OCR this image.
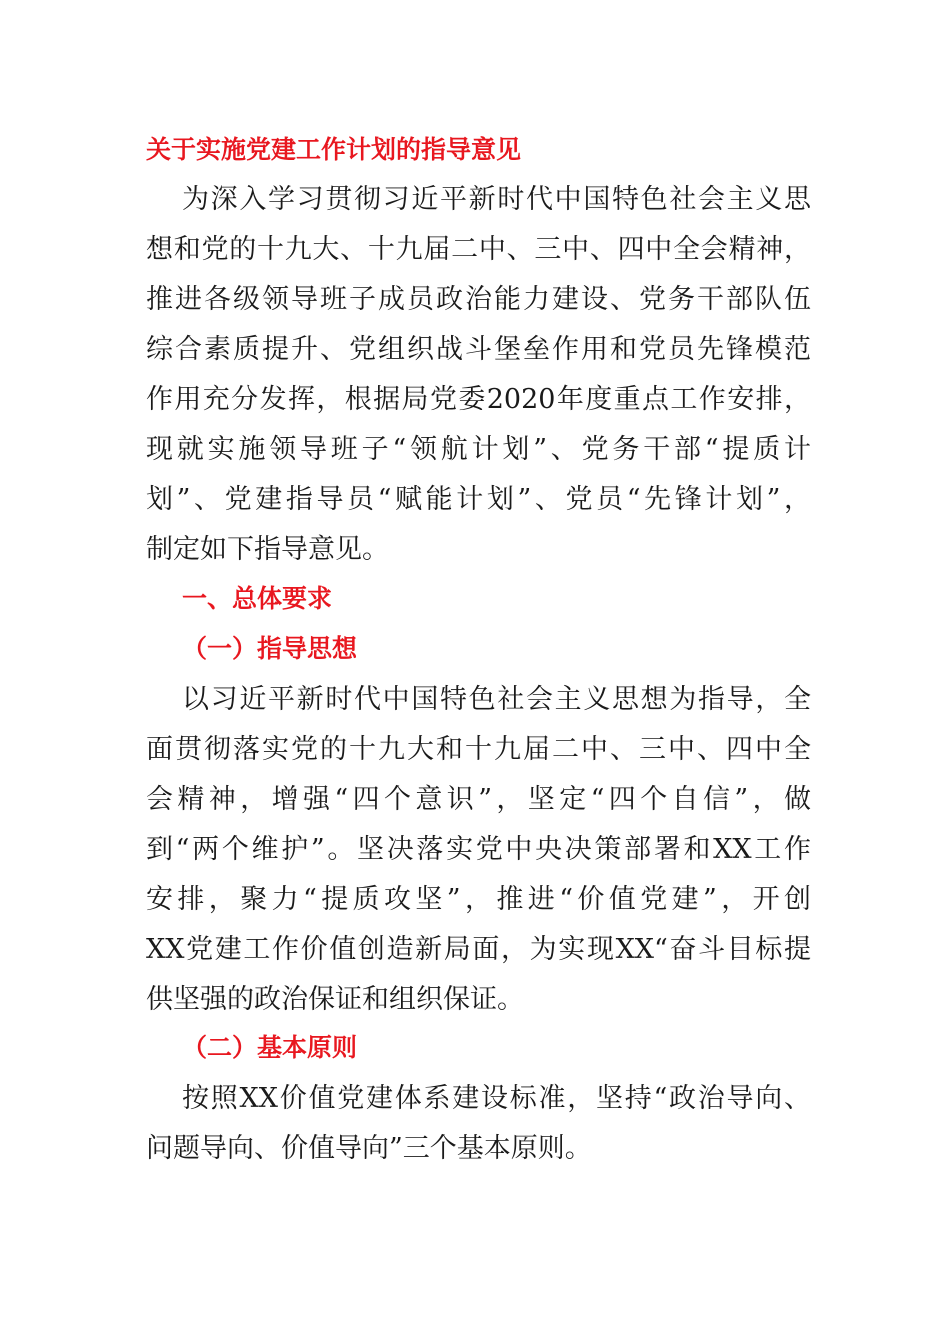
关于实施党建工作计划的指导意见
为深入学习贯彻习近平新时代中国特色社会主义思
想和党的十九大、十九届二中、三中、四中全会精神，
推进各级领导班子成员政治能力建设、党务干部队伍
综合素质提升、党组织战斗堡垒作用和党员先锋模范
作用充分发挥，根据局党委2020年度重点工作安排，
现就实施领导班子“领航计划”、党务干部“提质计
划”、党建指导员“赋能计划”、党员“先锋计划”，
制定如下指导意见。
一、总体要求
（一）指导思想
以习近平新时代中国特色社会主义思想为指导，全
面贯彻落实党的十九大和十九届二中、三中、四中全
会精神，增强“四个意识”，坚定“四个自信”，做
到“两个维护”。坚决落实党中央决策部署和XX工作
安排，聚力“提质攻坚”，推进“价值党建”，开创
XX党建工作价值创造新局面，为实现XX“奋斗目标提
供坚强的政治保证和组织保证。
（二）基本原则
按照XX价值党建体系建设标准，坚持“政治导向、
问题导向、价值导向”三个基本原则。
